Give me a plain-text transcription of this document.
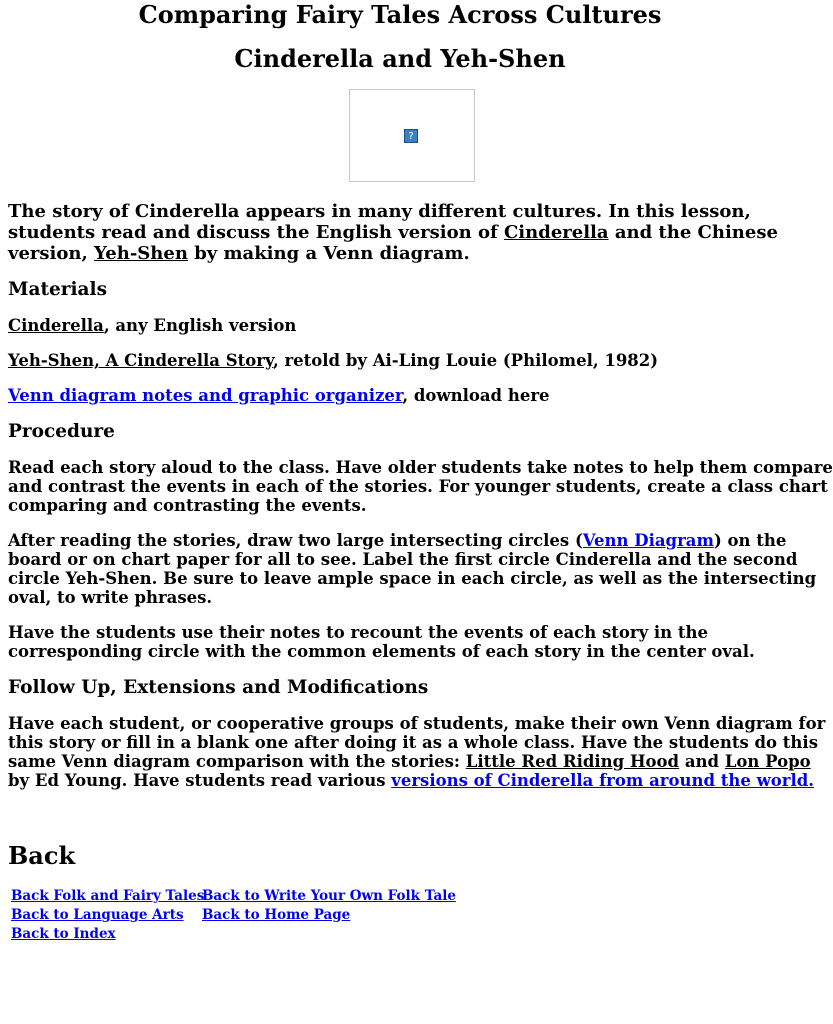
Comparing Fairy Tales Across Cultures
Cinderella and Yeh-Shen
?

The story of Cinderella appears in many different cultures. In this lesson, students read and discuss the English version of Cinderella and the Chinese version, Yeh-Shen by making a Venn diagram.

Materials

Cinderella, any English version

Yeh-Shen, A Cinderella Story, retold by Ai-Ling Louie (Philomel, 1982)

Venn diagram notes and graphic organizer, download here

Procedure

Read each story aloud to the class. Have older students take notes to help them compare
and contrast the events in each of the stories. For younger students, create a class chart
comparing and contrasting the events.

After reading the stories, draw two large intersecting circles (Venn Diagram) on the
board or on chart paper for all to see. Label the first circle Cinderella and the second
circle Yeh-Shen. Be sure to leave ample space in each circle, as well as the intersecting
oval, to write phrases.

Have the students use their notes to recount the events of each story in the
corresponding circle with the common elements of each story in the center oval.

Follow Up, Extensions and Modifications

Have each student, or cooperative groups of students, make their own Venn diagram for
this story or fill in a blank one after doing it as a whole class. Have the students do this
same Venn diagram comparison with the stories: Little Red Riding Hood and Lon Popo
by Ed Young. Have students read various versions of Cinderella from around the world.

Back
Back Folk and Fairy Tales
Back to Language Arts
Back to Index
Back to Write Your Own Folk Tale
Back to Home Page
